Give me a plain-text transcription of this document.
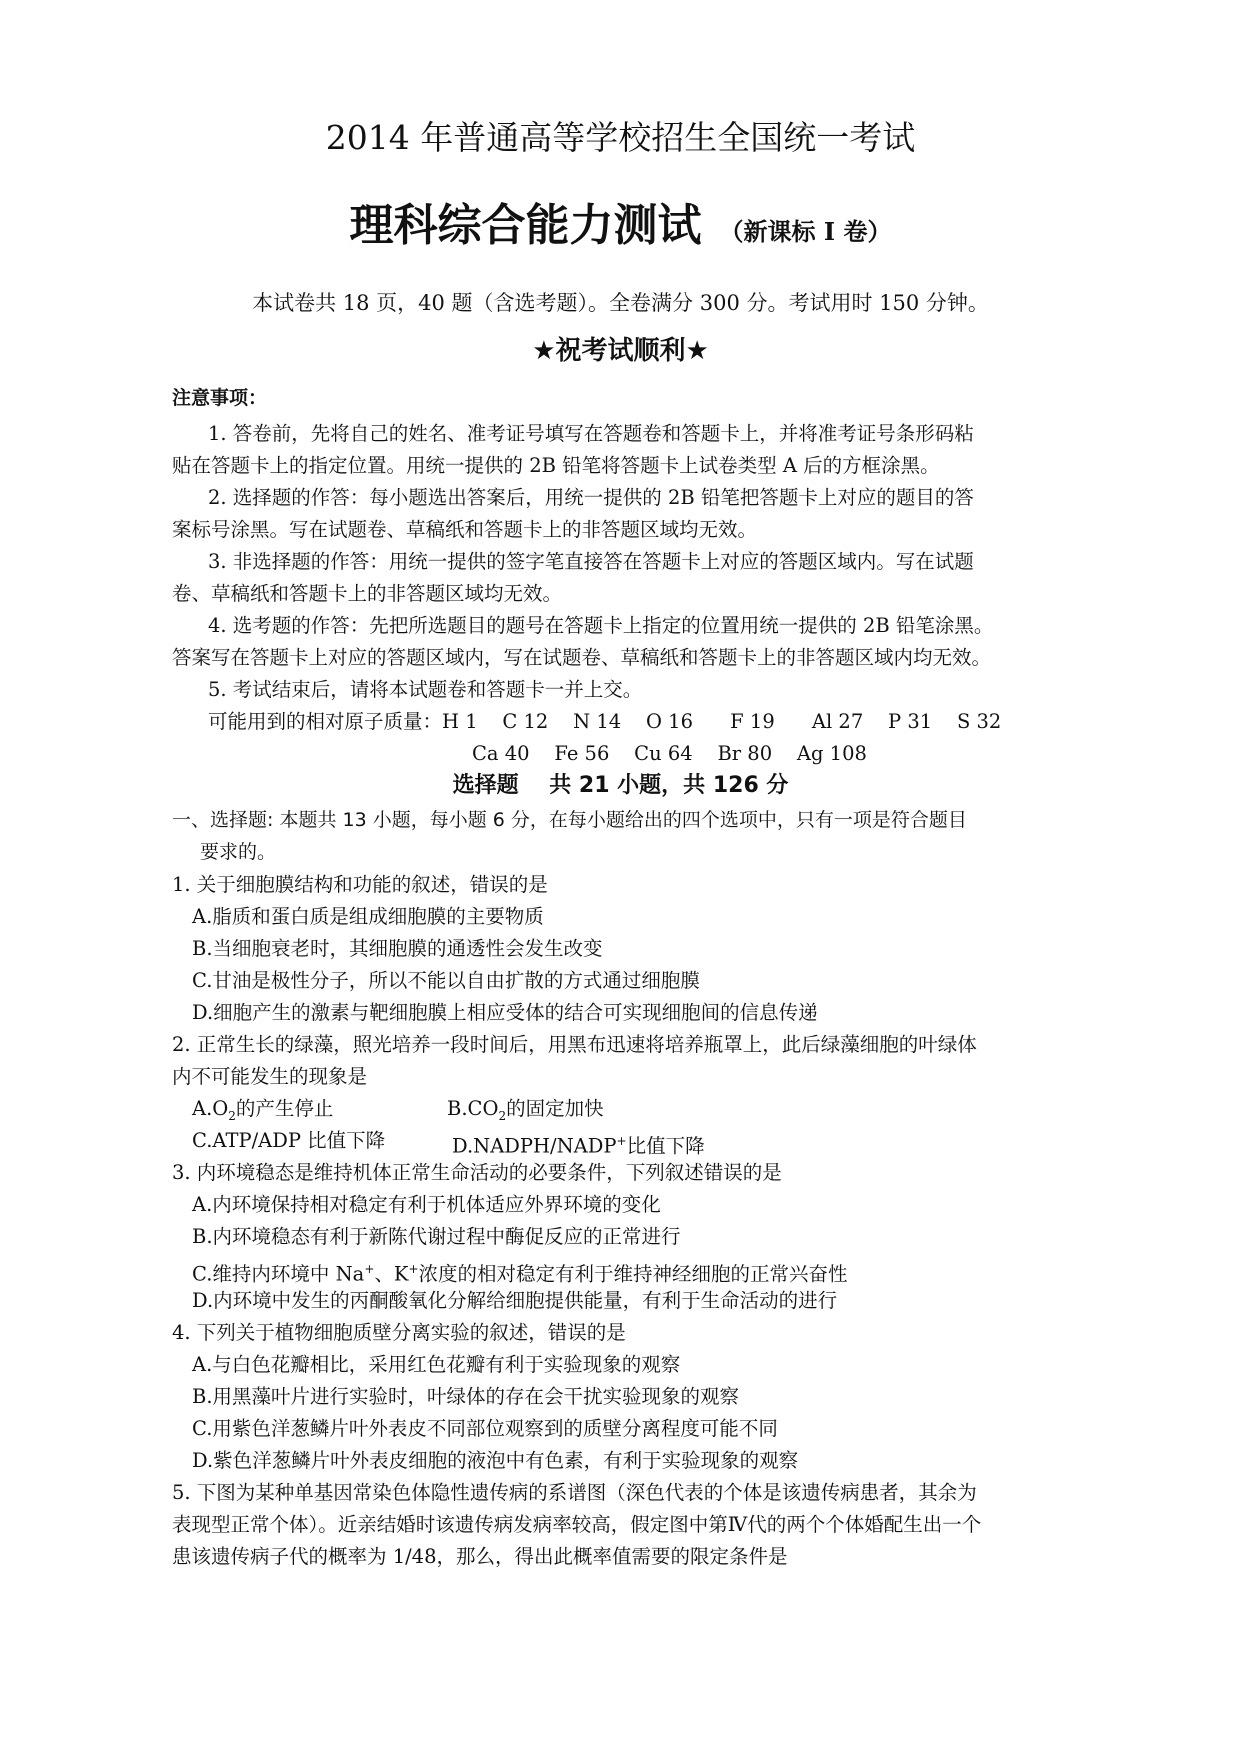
2014 年普通高等学校招生全国统一考试
理科综合能力测试 （新课标 I 卷）
本试卷共 18 页，40 题（含选考题）。全卷满分 300 分。考试用时 150 分钟。
★祝考试顺利★
注意事项：
1. 答卷前，先将自己的姓名、准考证号填写在答题卷和答题卡上，并将准考证号条形码粘
贴在答题卡上的指定位置。用统一提供的 2B 铅笔将答题卡上试卷类型 A 后的方框涂黑。
2. 选择题的作答：每小题选出答案后，用统一提供的 2B 铅笔把答题卡上对应的题目的答
案标号涂黑。写在试题卷、草稿纸和答题卡上的非答题区域均无效。
3. 非选择题的作答：用统一提供的签字笔直接答在答题卡上对应的答题区域内。写在试题
卷、草稿纸和答题卡上的非答题区域均无效。
4. 选考题的作答：先把所选题目的题号在答题卡上指定的位置用统一提供的 2B 铅笔涂黑。
答案写在答题卡上对应的答题区域内，写在试题卷、草稿纸和答题卡上的非答题区域内均无效。
5. 考试结束后，请将本试题卷和答题卡一并上交。
可能用到的相对原子质量：H 1    C 12    N 14    O 16      F 19      Al 27    P 31    S 32
Ca 40    Fe 56    Cu 64    Br 80    Ag 108
选择题    共 21 小题，共 126 分
一、选择题: 本题共 13 小题，每小题 6 分，在每小题给出的四个选项中，只有一项是符合题目
要求的。
1. 关于细胞膜结构和功能的叙述，错误的是
A.脂质和蛋白质是组成细胞膜的主要物质
B.当细胞衰老时，其细胞膜的通透性会发生改变
C.甘油是极性分子，所以不能以自由扩散的方式通过细胞膜
D.细胞产生的激素与靶细胞膜上相应受体的结合可实现细胞间的信息传递
2. 正常生长的绿藻，照光培养一段时间后，用黑布迅速将培养瓶罩上，此后绿藻细胞的叶绿体
内不可能发生的现象是
$A.O_2$的产生停止	$B.CO_2$的固定加快
C.ATP/ADP 比值下降	D.NADPH/NADP+比值下降
3. 内环境稳态是维持机体正常生命活动的必要条件，下列叙述错误的是
A.内环境保持相对稳定有利于机体适应外界环境的变化
B.内环境稳态有利于新陈代谢过程中酶促反应的正常进行
C.维持内环境中 Na+、K+浓度的相对稳定有利于维持神经细胞的正常兴奋性
D.内环境中发生的丙酮酸氧化分解给细胞提供能量，有利于生命活动的进行
4. 下列关于植物细胞质壁分离实验的叙述，错误的是
A.与白色花瓣相比，采用红色花瓣有利于实验现象的观察
B.用黑藻叶片进行实验时，叶绿体的存在会干扰实验现象的观察
C.用紫色洋葱鳞片叶外表皮不同部位观察到的质壁分离程度可能不同
D.紫色洋葱鳞片叶外表皮细胞的液泡中有色素，有利于实验现象的观察
5. 下图为某种单基因常染色体隐性遗传病的系谱图（深色代表的个体是该遗传病患者，其余为
表现型正常个体）。近亲结婚时该遗传病发病率较高，假定图中第Ⅳ代的两个个体婚配生出一个
患该遗传病子代的概率为 1/48，那么，得出此概率值需要的限定条件是
